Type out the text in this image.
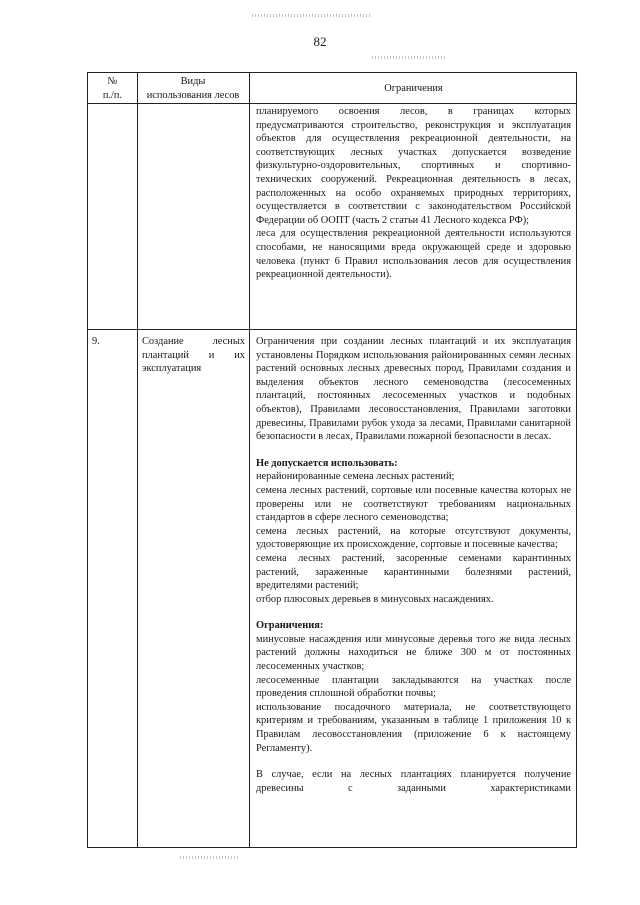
82
№
п./п.
Виды
использования лесов
Ограничения

планируемого освоения лесов, в границах которых предусматриваются строительство, реконструкция и эксплуатация объектов для осуществления рекреационной деятельности, на соответствующих лесных участках допускается возведение физкультурно-оздоровительных, спортивных и спортивно-технических сооружений. Рекреационная деятельность в лесах, расположенных на особо охраняемых природных территориях, осуществляется в соответствии с законодательством Российской Федерации об ООПТ (часть 2 статьи 41 Лесного кодекса РФ);

леса для осуществления рекреационной деятельности используются способами, не наносящими вреда окружающей среде и здоровью человека (пункт 6 Правил использования лесов для осуществления рекреационной деятельности).

9.	Создание лесных плантаций и их эксплуатация

Ограничения при создании лесных плантаций и их эксплуатация установлены Порядком использования районированных семян лесных растений основных лесных древесных пород, Правилами создания и выделения объектов лесного семеноводства (лесосеменных плантаций, постоянных лесосеменных участков и подобных объектов), Правилами лесовосстановления, Правилами заготовки древесины, Правилами рубок ухода за лесами, Правилами санитарной безопасности в лесах, Правилами пожарной безопасности в лесах.

Не допускается использовать:

нерайонированные семена лесных растений;

семена лесных растений, сортовые или посевные качества которых не проверены или не соответствуют требованиям национальных стандартов в сфере лесного семеноводства;

семена лесных растений, на которые отсутствуют документы, удостоверяющие их происхождение, сортовые и посевные качества;

семена лесных растений, засоренные семенами карантинных растений, зараженные карантинными болезнями растений, вредителями растений;

отбор плюсовых деревьев в минусовых насаждениях.

Ограничения:

минусовые насаждения или минусовые деревья того же вида лесных растений должны находиться не ближе 300 м от постоянных лесосеменных участков;

лесосеменные плантации закладываются на участках после проведения сплошной обработки почвы;

использование посадочного материала, не соответствующего критериям и требованиям, указанным в таблице 1 приложения 10 к Правилам лесовосстановления (приложение 6 к настоящему Регламенту).

В случае, если на лесных плантациях планируется получение древесины с заданными характеристиками
